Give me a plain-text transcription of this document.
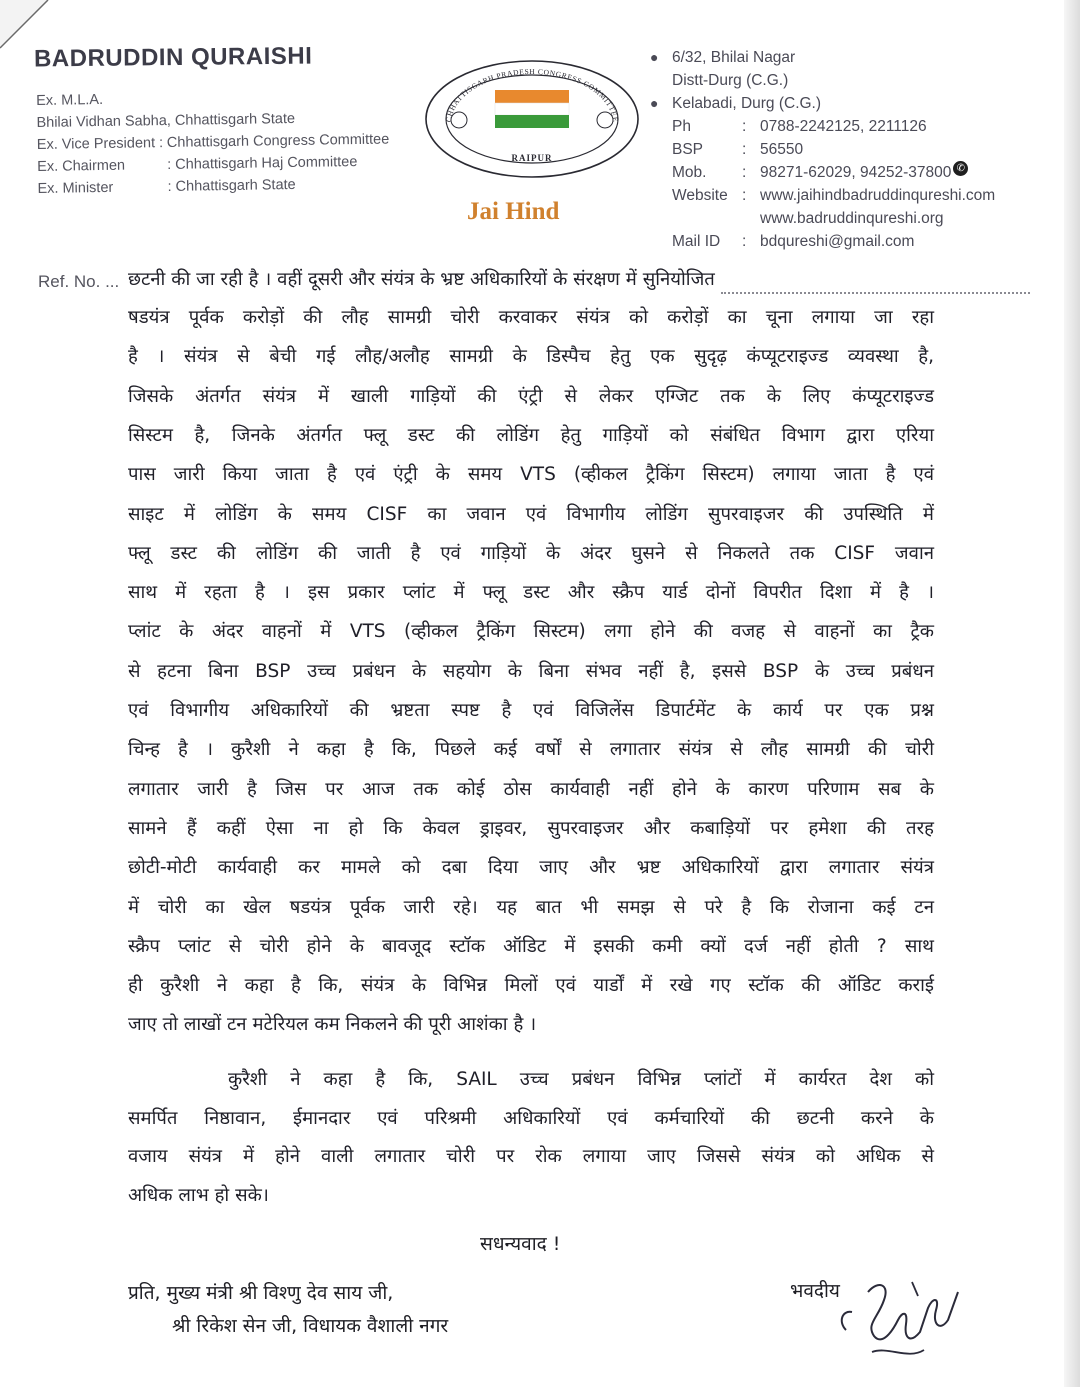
BADRUDDIN QURAISHI
Ex. M.L.A.
Bhilai Vidhan Sabha, Chhattisgarh State
Ex. Vice President : Chhattisgarh Congress Committee
Ex. Chairmen	: Chhattisgarh Haj Committee
Ex. Minister	: Chhattisgarh State
CHHATTISGARH PRADESH CONGRESS COMMITTEE
RAIPUR
Jai Hind
● 6/32, Bhilai Nagar
Distt-Durg (C.G.)
● Kelabadi, Durg (C.G.)
Ph	: 0788-2242125, 2211126
BSP	: 56550
Mob.	: 98271-62029, 94252-37800 ✆
Website : www.jaihindbadruddinqureshi.com
www.badruddinqureshi.org
Mail ID	: bdqureshi@gmail.com
Ref. No. ... छटनी की जा रही है । वहीं दूसरी और संयंत्र के भ्रष्ट अधिकारियों के संरक्षण में सुनियोजित
षडयंत्र पूर्वक करोड़ों की लौह सामग्री चोरी करवाकर संयंत्र को करोड़ों का चूना लगाया जा रहा
है । संयंत्र से बेची गई लौह/अलौह सामग्री के डिस्पैच हेतु एक सुदृढ़ कंप्यूटराइज्ड व्यवस्था है,
जिसके अंतर्गत संयंत्र में खाली गाड़ियों की एंट्री से लेकर एग्जिट तक के लिए कंप्यूटराइज्ड
सिस्टम है, जिनके अंतर्गत फ्लू डस्ट की लोडिंग हेतु गाड़ियों को संबंधित विभाग द्वारा एरिया
पास जारी किया जाता है एवं एंट्री के समय VTS (व्हीकल ट्रैकिंग सिस्टम) लगाया जाता है एवं
साइट में लोडिंग के समय CISF का जवान एवं विभागीय लोडिंग सुपरवाइजर की उपस्थिति में
फ्लू डस्ट की लोडिंग की जाती है एवं गाड़ियों के अंदर घुसने से निकलते तक CISF जवान
साथ में रहता है । इस प्रकार प्लांट में फ्लू डस्ट और स्क्रैप यार्ड दोनों विपरीत दिशा में है ।
प्लांट के अंदर वाहनों में VTS (व्हीकल ट्रैकिंग सिस्टम) लगा होने की वजह से वाहनों का ट्रैक
से हटना बिना BSP उच्च प्रबंधन के सहयोग के बिना संभव नहीं है, इससे BSP के उच्च प्रबंधन
एवं विभागीय अधिकारियों की भ्रष्टता स्पष्ट है एवं विजिलेंस डिपार्टमेंट के कार्य पर एक प्रश्न
चिन्ह है । कुरैशी ने कहा है कि, पिछले कई वर्षों से लगातार संयंत्र से लौह सामग्री की चोरी
लगातार जारी है जिस पर आज तक कोई ठोस कार्यवाही नहीं होने के कारण परिणाम सब के
सामने हैं कहीं ऐसा ना हो कि केवल ड्राइवर, सुपरवाइजर और कबाड़ियों पर हमेशा की तरह
छोटी-मोटी कार्यवाही कर मामले को दबा दिया जाए और भ्रष्ट अधिकारियों द्वारा लगातार संयंत्र
में चोरी का खेल षडयंत्र पूर्वक जारी रहे। यह बात भी समझ से परे है कि रोजाना कई टन
स्क्रैप प्लांट से चोरी होने के बावजूद स्टॉक ऑडिट में इसकी कमी क्यों दर्ज नहीं होती ? साथ
ही कुरैशी ने कहा है कि, संयंत्र के विभिन्न मिलों एवं यार्डों में रखे गए स्टॉक की ऑडिट कराई
जाए तो लाखों टन मटेरियल कम निकलने की पूरी आशंका है ।
कुरैशी ने कहा है कि, SAIL उच्च प्रबंधन विभिन्न प्लांटों में कार्यरत देश को
समर्पित निष्ठावान, ईमानदार एवं परिश्रमी अधिकारियों एवं कर्मचारियों की छटनी करने के
वजाय संयंत्र में होने वाली लगातार चोरी पर रोक लगाया जाए जिससे संयंत्र को अधिक से
अधिक लाभ हो सके।
सधन्यवाद !
प्रति, मुख्य मंत्री श्री विश्णु देव साय जी,
श्री रिकेश सेन जी, विधायक वैशाली नगर
भवदीय
